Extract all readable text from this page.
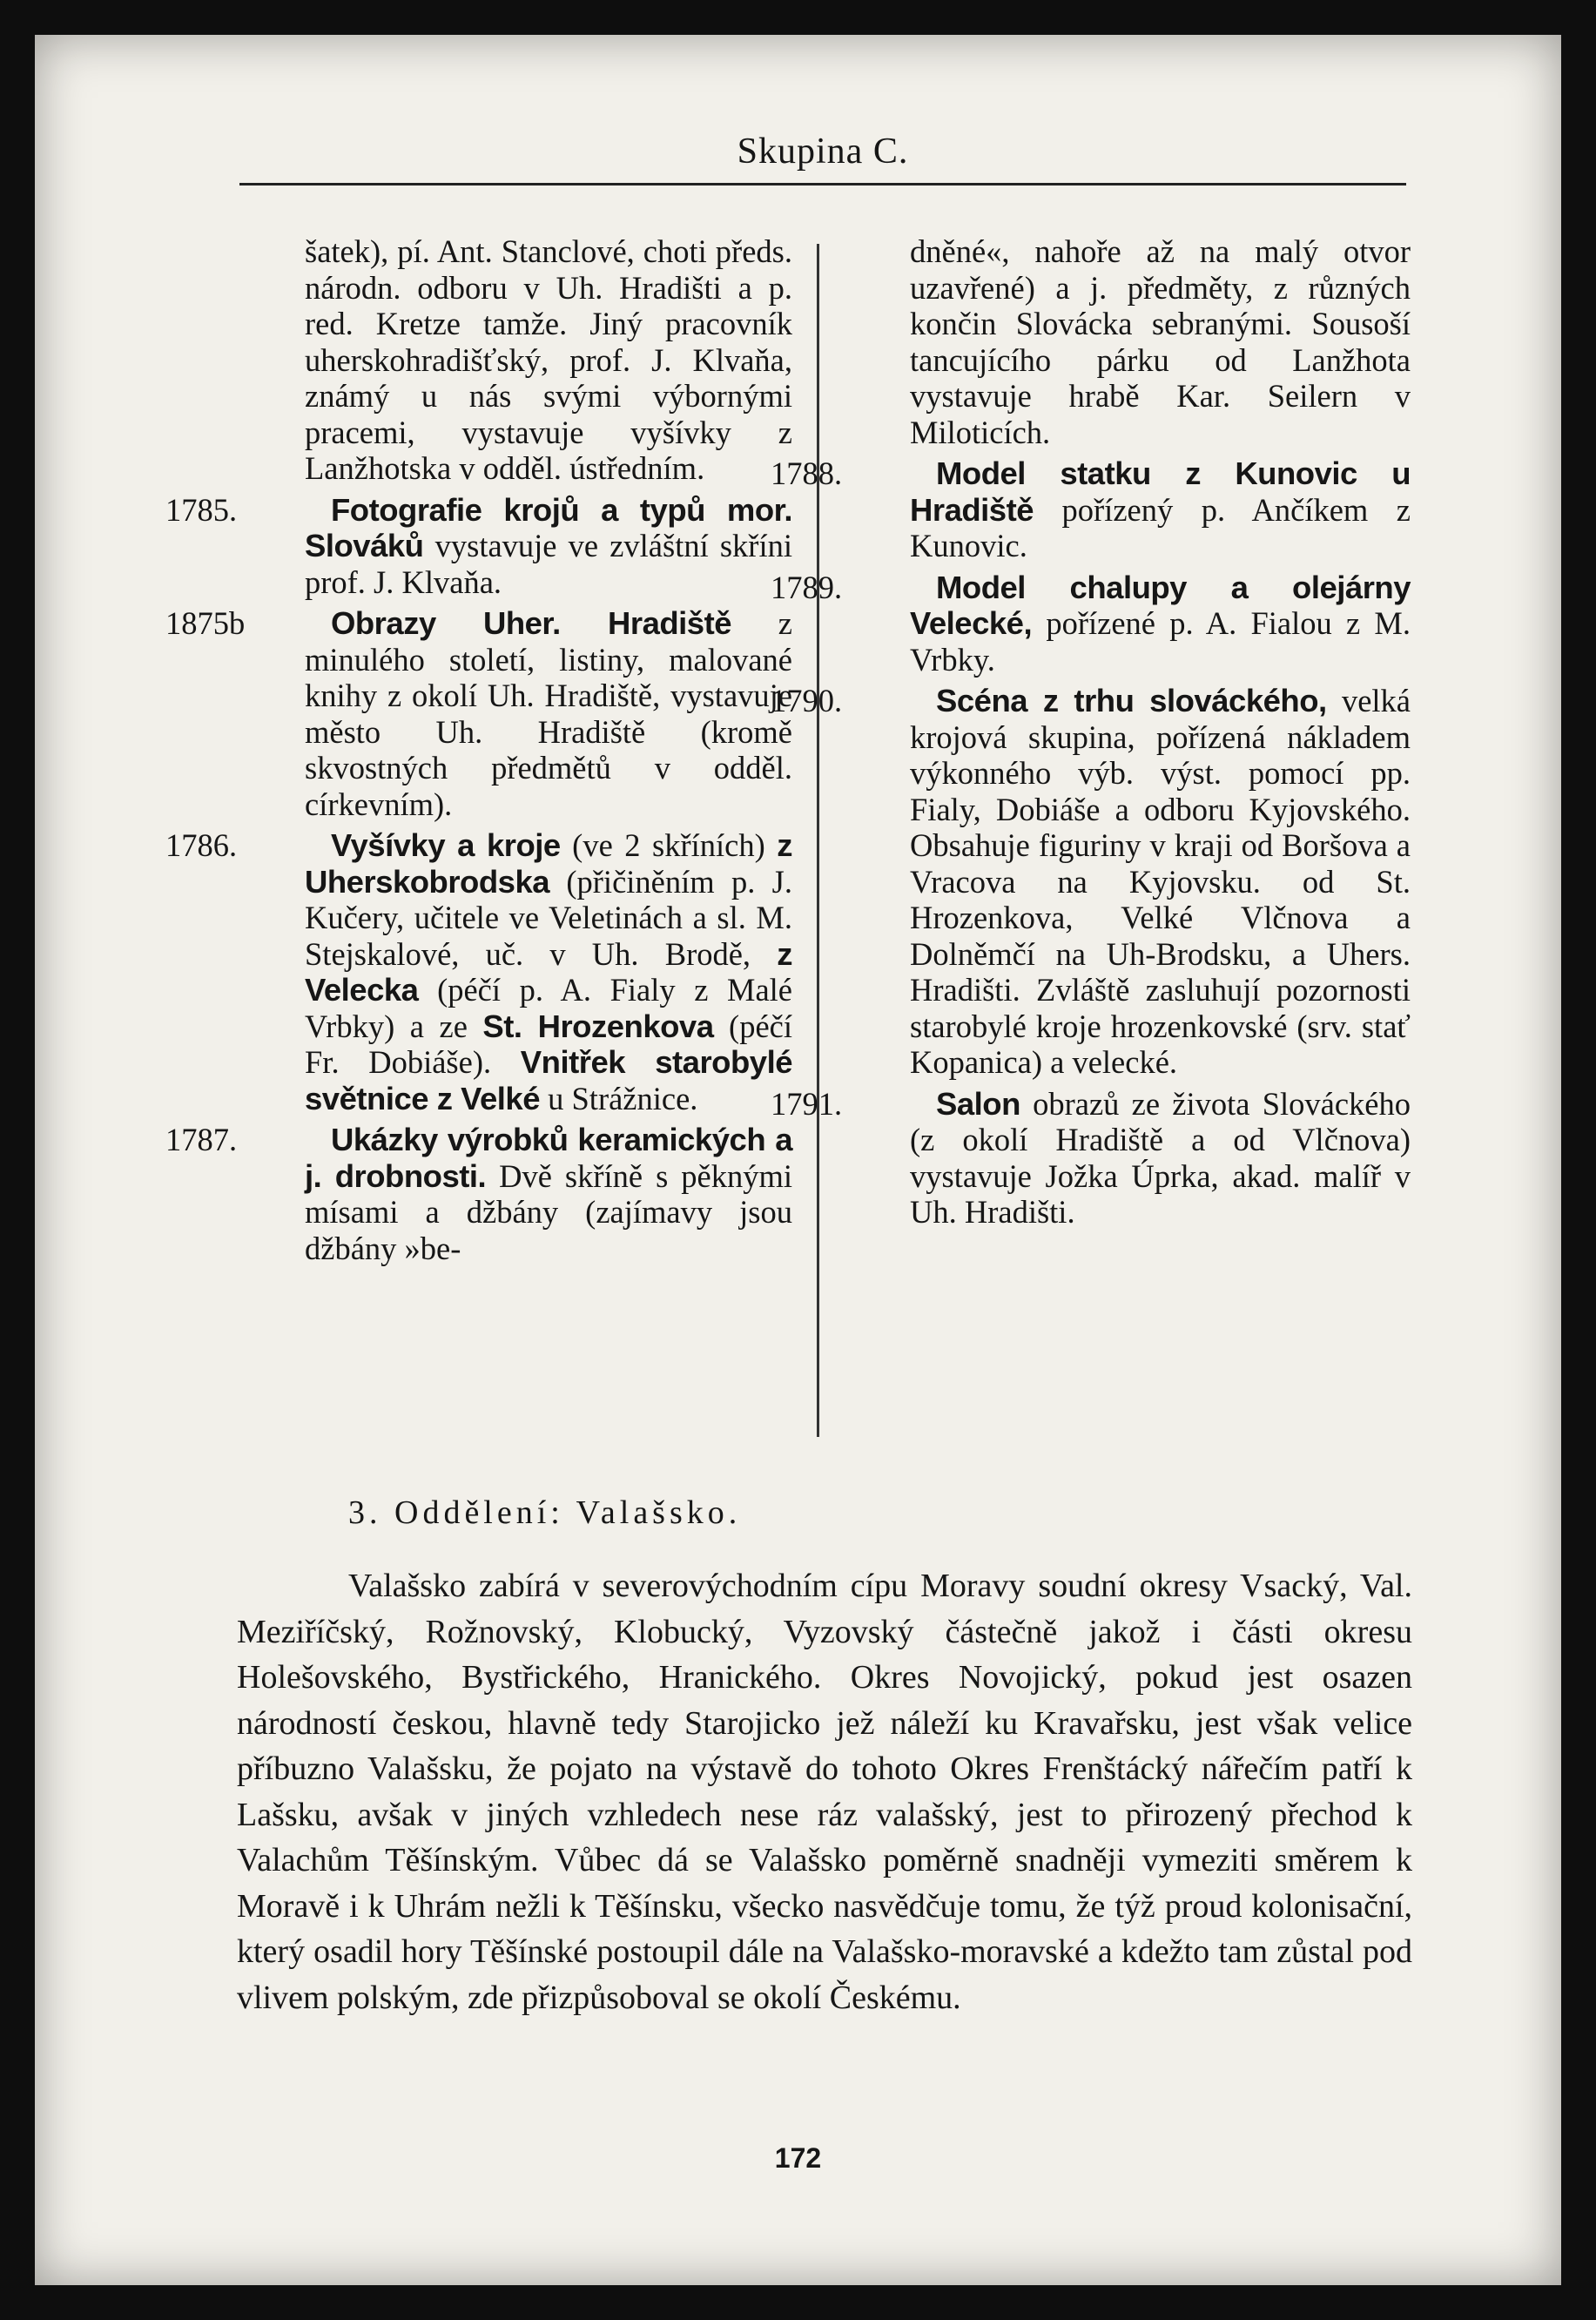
Skupina C.
šatek), pí. Ant. Stanclové, choti předs. národn. odboru v Uh. Hradišti a p. red. Kretze tamže. Jiný pracovník uherskohradišťský, prof. J. Klvaňa, známý u nás svými výbornými pracemi, vystavuje vyšívky z Lanžhotska v odděl. ústředním.
1785.	Fotografie krojů a typů mor. Slováků vystavuje ve zvláštní skříni prof. J. Klvaňa.
1875b	Obrazy Uher. Hradiště z minulého století, listiny, malované knihy z okolí Uh. Hradiště, vystavuje město Uh. Hradiště (kromě skvostných předmětů v odděl. církevním).
1786.	Vyšívky a kroje (ve 2 skříních) z Uherskobrodska (přičiněním p. J. Kučery, učitele ve Veletinách a sl. M. Stejskalové, uč. v Uh. Brodě, z Velecka (péčí p. A. Fialy z Malé Vrbky) a ze St. Hrozenkova (péčí Fr. Dobiáše). Vnitřek starobylé světnice z Velké u Strážnice.
1787.	Ukázky výrobků keramických a j. drobnosti. Dvě skříně s pěknými mísami a džbány (zajímavy jsou džbány »be-
dněné«, nahoře až na malý otvor uzavřené) a j. předměty, z různých končin Slovácka sebranými. Sousoší tancujícího párku od Lanžhota vystavuje hrabě Kar. Seilern v Miloticích.
1788.	Model statku z Kunovic u Hradiště pořízený p. Ančíkem z Kunovic.
1789.	Model chalupy a olejárny Velecké, pořízené p. A. Fialou z M. Vrbky.
1790.	Scéna z trhu slováckého, velká krojová skupina, pořízená nákladem výkonného výb. výst. pomocí pp. Fialy, Dobiáše a odboru Kyjovského. Obsahuje figuriny v kraji od Boršova a Vracova na Kyjovsku. od St. Hrozenkova, Velké Vlčnova a Dolněmčí na Uh-Brodsku, a Uhers. Hradišti. Zvláště zasluhují pozornosti starobylé kroje hrozenkovské (srv. stať Kopanica) a velecké.
1791.	Salon obrazů ze života Slováckého (z okolí Hradiště a od Vlčnova) vystavuje Jožka Úprka, akad. malíř v Uh. Hradišti.
3. Oddělení: Valašsko.
Valašsko zabírá v severovýchodním cípu Moravy soudní okresy Vsacký, Val. Meziříčský, Rožnovský, Klobucký, Vyzovský částečně jakož i části okresu Holešovského, Bystřického, Hranického. Okres Novojický, pokud jest osazen národností českou, hlavně tedy Starojicko jež náleží ku Kravařsku, jest však velice příbuzno Valašsku, že pojato na výstavě do tohoto Okres Frenštácký nářečím patří k Lašsku, avšak v jiných vzhledech nese ráz valašský, jest to přirozený přechod k Valachům Těšínským. Vůbec dá se Valašsko poměrně snadněji vymeziti směrem k Moravě i k Uhrám nežli k Těšínsku, všecko nasvědčuje tomu, že týž proud kolonisační, který osadil hory Těšínské postoupil dále na Valašsko-moravské a kdežto tam zůstal pod vlivem polským, zde přizpůsoboval se okolí Českému.
172
